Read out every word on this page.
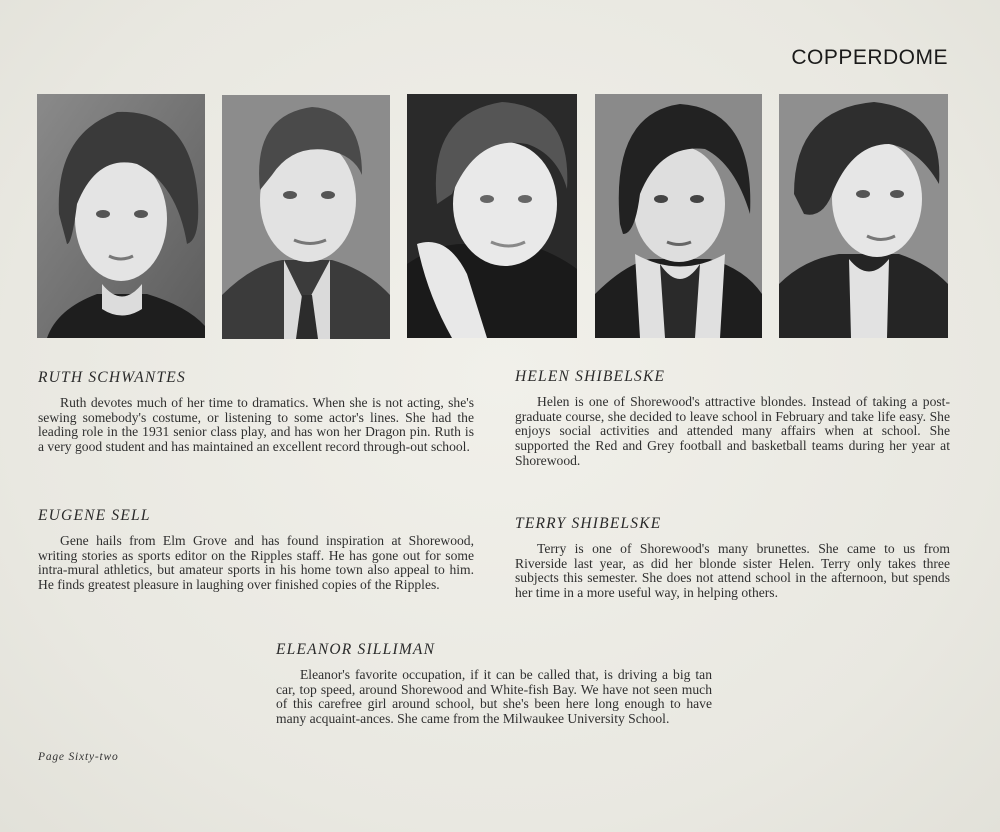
COPPERDOME
RUTH SCHWANTES
Ruth devotes much of her time to dramatics. When she is not acting, she's sewing somebody's costume, or listening to some actor's lines. She had the leading role in the 1931 senior class play, and has won her Dragon pin. Ruth is a very good student and has maintained an excellent record through-out school.
EUGENE SELL
Gene hails from Elm Grove and has found inspiration at Shorewood, writing stories as sports editor on the Ripples staff. He has gone out for some intra-mural athletics, but amateur sports in his home town also appeal to him. He finds greatest pleasure in laughing over finished copies of the Ripples.
HELEN SHIBELSKE
Helen is one of Shorewood's attractive blondes. Instead of taking a post-graduate course, she decided to leave school in February and take life easy. She enjoys social activities and attended many affairs when at school. She supported the Red and Grey football and basketball teams during her year at Shorewood.
TERRY SHIBELSKE
Terry is one of Shorewood's many brunettes. She came to us from Riverside last year, as did her blonde sister Helen. Terry only takes three subjects this semester. She does not attend school in the afternoon, but spends her time in a more useful way, in helping others.
ELEANOR SILLIMAN
Eleanor's favorite occupation, if it can be called that, is driving a big tan car, top speed, around Shorewood and White-fish Bay. We have not seen much of this carefree girl around school, but she's been here long enough to have many acquaint-ances. She came from the Milwaukee University School.
Page Sixty-two
